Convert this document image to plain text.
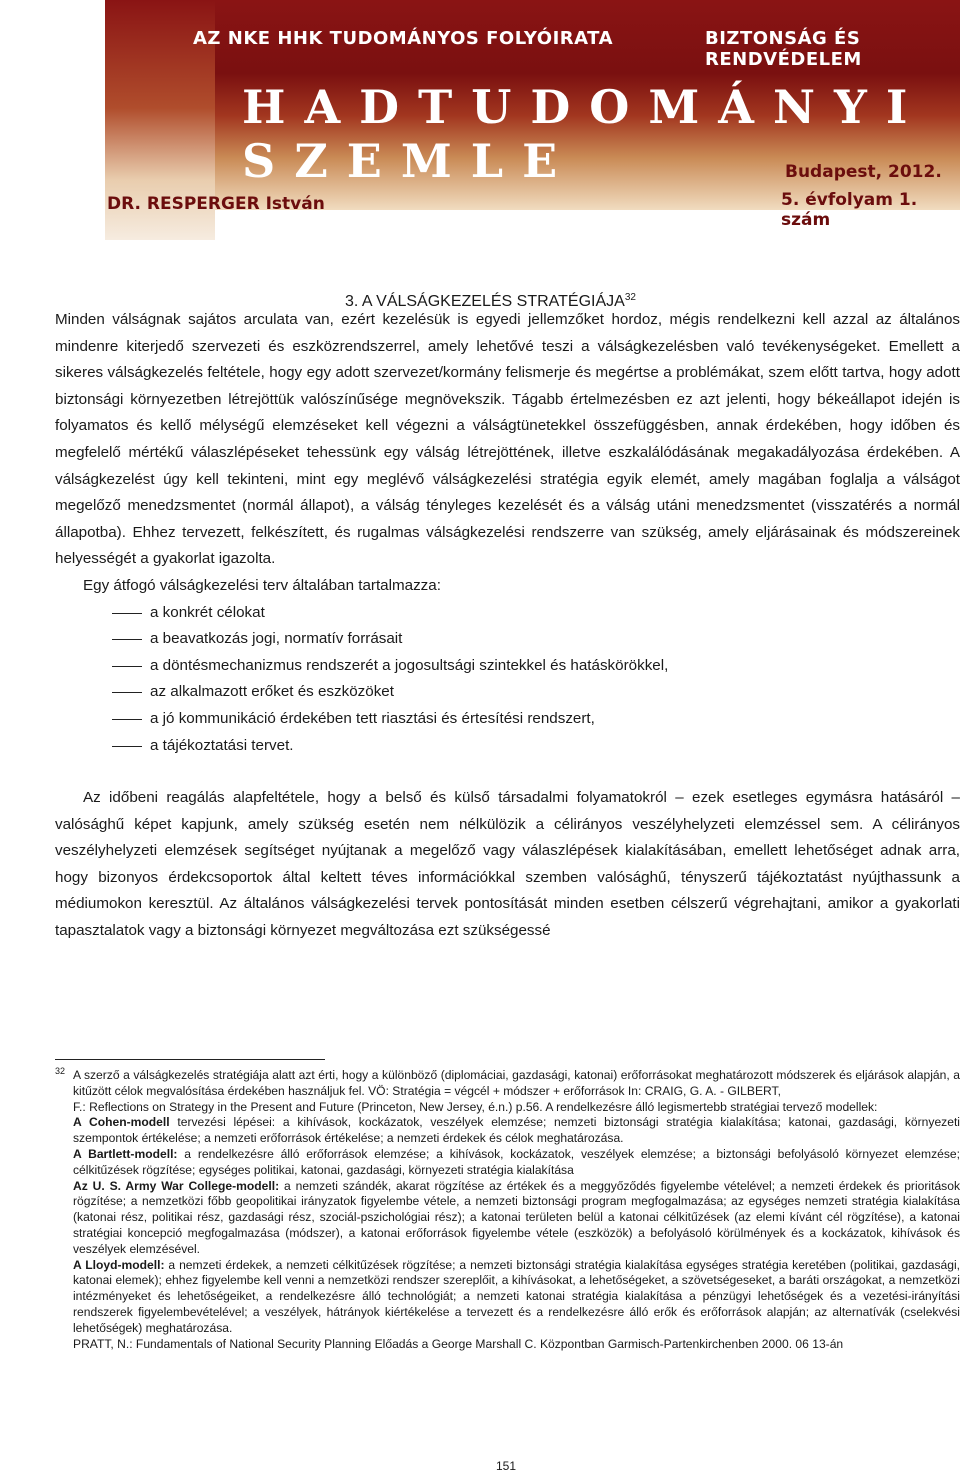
AZ NKE HHK TUDOMÁNYOS FOLYÓIRATA	BIZTONSÁG ÉS RENDVÉDELEM
HADTUDOMÁNYI SZEMLE
DR. RESPERGER István
Budapest, 2012.
5. évfolyam 1. szám
3. A VÁLSÁGKEZELÉS STRATÉGIÁJA$^{32}$

Minden válságnak sajátos arculata van, ezért kezelésük is egyedi jellemzőket hordoz, mégis rendelkezni kell azzal az általános mindenre kiterjedő szervezeti és eszközrendszerrel, amely lehetővé teszi a válságkezelésben való tevékenységeket. Emellett a sikeres válságkezelés feltétele, hogy egy adott szervezet/kormány felismerje és megértse a problémákat, szem előtt tartva, hogy adott biztonsági környezetben létrejöttük valószínűsége megnövekszik. Tágabb értelmezésben ez azt jelenti, hogy békeállapot idején is folyamatos és kellő mélységű elemzéseket kell végezni a válságtünetekkel összefüggésben, annak érdekében, hogy időben és megfelelő mértékű válaszlépéseket tehessünk egy válság létrejöttének, illetve eszkalálódásának megakadályozása érdekében. A válságkezelést úgy kell tekinteni, mint egy meglévő válságkezelési stratégia egyik elemét, amely magában foglalja a válságot megelőző menedzsmentet (normál állapot), a válság tényleges kezelését és a válság utáni menedzsmentet (visszatérés a normál állapotba). Ehhez tervezett, felkészített, és rugalmas válságkezelési rendszerre van szükség, amely eljárásainak és módszereinek helyességét a gyakorlat igazolta.

Egy átfogó válságkezelési terv általában tartalmazza:

a konkrét célokat
a beavatkozás jogi, normatív forrásait
a döntésmechanizmus rendszerét a jogosultsági szintekkel és hatáskörökkel,
az alkalmazott erőket és eszközöket
a jó kommunikáció érdekében tett riasztási és értesítési rendszert,
a tájékoztatási tervet.

Az időbeni reagálás alapfeltétele, hogy a belső és külső társadalmi folyamatokról – ezek esetleges egymásra hatásáról – valósághű képet kapjunk, amely szükség esetén nem nélkülözik a célirányos veszélyhelyzeti elemzéssel sem. A célirányos veszélyhelyzeti elemzések segítséget nyújtanak a megelőző vagy válaszlépések kialakításában, emellett lehetőséget adnak arra, hogy bizonyos érdekcsoportok által keltett téves információkkal szemben valósághű, tényszerű tájékoztatást nyújthassunk a médiumokon keresztül. Az általános válságkezelési tervek pontosítását minden esetben célszerű végrehajtani, amikor a gyakorlati tapasztalatok vagy a biztonsági környezet megváltozása ezt szükségessé

32 A szerző a válságkezelés stratégiája alatt azt érti, hogy a különböző (diplomáciai, gazdasági, katonai) erőforrásokat meghatározott módszerek és eljárások alapján, a kitűzött célok megvalósítása érdekében használjuk fel. VÖ: Stratégia = végcél + módszer + erőforrások In: CRAIG, G. A. - GILBERT,

F.: Reflections on Strategy in the Present and Future (Princeton, New Jersey, é.n.) p.56. A rendelkezésre álló legismertebb stratégiai tervező modellek:

A Cohen-modell tervezési lépései: a kihívások, kockázatok, veszélyek elemzése; nemzeti biztonsági stratégia kialakítása; katonai, gazdasági, környezeti szempontok értékelése; a nemzeti erőforrások értékelése; a nemzeti érdekek és célok meghatározása.

A Bartlett-modell: a rendelkezésre álló erőforrások elemzése; a kihívások, kockázatok, veszélyek elemzése; a biztonsági befolyásoló környezet elemzése; célkitűzések rögzítése; egységes politikai, katonai, gazdasági, környezeti stratégia kialakítása

Az U. S. Army War College-modell: a nemzeti szándék, akarat rögzítése az értékek és a meggyőződés figyelembe vételével; a nemzeti érdekek és prioritások rögzítése; a nemzetközi főbb geopolitikai irányzatok figyelembe vétele, a nemzeti biztonsági program megfogalmazása; az egységes nemzeti stratégia kialakítása (katonai rész, politikai rész, gazdasági rész, szociál-pszichológiai rész); a katonai területen belül a katonai célkitűzések (az elemi kívánt cél rögzítése), a katonai stratégiai koncepció megfogalmazása (módszer), a katonai erőforrások figyelembe vétele (eszközök) a befolyásoló körülmények és a kockázatok, kihívások és veszélyek elemzésével.

A Lloyd-modell: a nemzeti érdekek, a nemzeti célkitűzések rögzítése; a nemzeti biztonsági stratégia kialakítása egységes stratégia keretében (politikai, gazdasági, katonai elemek); ehhez figyelembe kell venni a nemzetközi rendszer szereplőit, a kihívásokat, a lehetőségeket, a szövetségeseket, a baráti országokat, a nemzetközi intézményeket és lehetőségeiket, a rendelkezésre álló technológiát; a nemzeti katonai stratégia kialakítása a pénzügyi lehetőségek és a vezetési-irányítási rendszerek figyelembevételével; a veszélyek, hátrányok kiértékelése a tervezett és a rendelkezésre álló erők és erőforrások alapján; az alternatívák (cselekvési lehetőségek) meghatározása.

PRATT, N.: Fundamentals of National Security Planning Előadás a George Marshall C. Központban Garmisch-Partenkirchenben 2000. 06 13-án

151
